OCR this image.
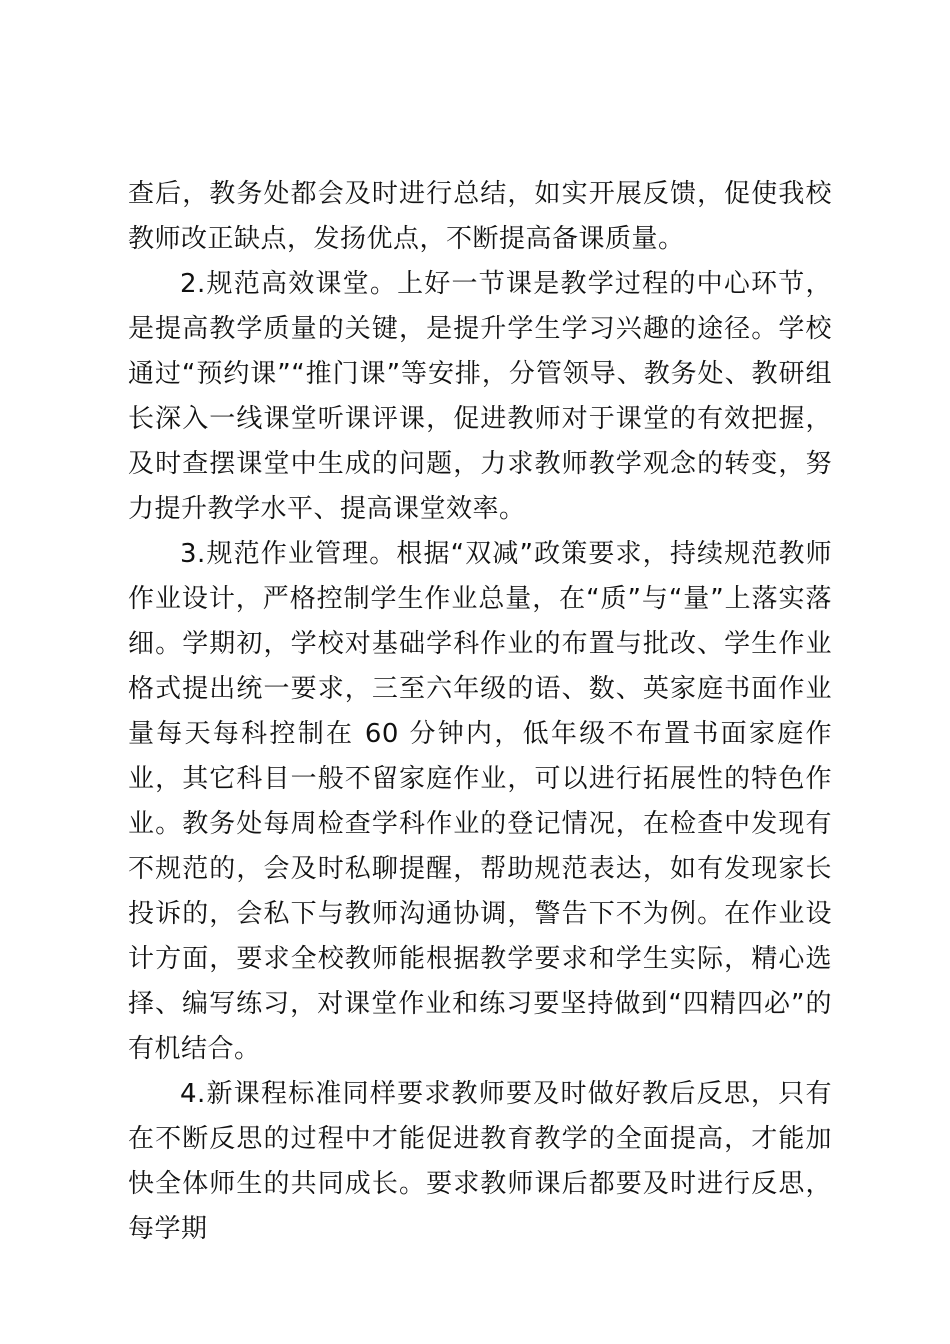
查后，教务处都会及时进行总结，如实开展反馈，促使我校教师改正缺点，发扬优点，不断提高备课质量。

2.规范高效课堂。上好一节课是教学过程的中心环节，是提高教学质量的关键，是提升学生学习兴趣的途径。学校通过“预约课”“推门课”等安排，分管领导、教务处、教研组长深入一线课堂听课评课，促进教师对于课堂的有效把握，及时查摆课堂中生成的问题，力求教师教学观念的转变，努力提升教学水平、提高课堂效率。

3.规范作业管理。根据“双减”政策要求，持续规范教师作业设计，严格控制学生作业总量，在“质”与“量”上落实落细。学期初，学校对基础学科作业的布置与批改、学生作业格式提出统一要求，三至六年级的语、数、英家庭书面作业量每天每科控制在 60 分钟内，低年级不布置书面家庭作业，其它科目一般不留家庭作业，可以进行拓展性的特色作业。教务处每周检查学科作业的登记情况，在检查中发现有不规范的，会及时私聊提醒，帮助规范表达，如有发现家长投诉的，会私下与教师沟通协调，警告下不为例。在作业设计方面，要求全校教师能根据教学要求和学生实际，精心选择、编写练习，对课堂作业和练习要坚持做到“四精四必”的有机结合。

4.新课程标准同样要求教师要及时做好教后反思，只有在不断反思的过程中才能促进教育教学的全面提高，才能加快全体师生的共同成长。要求教师课后都要及时进行反思，每学期
